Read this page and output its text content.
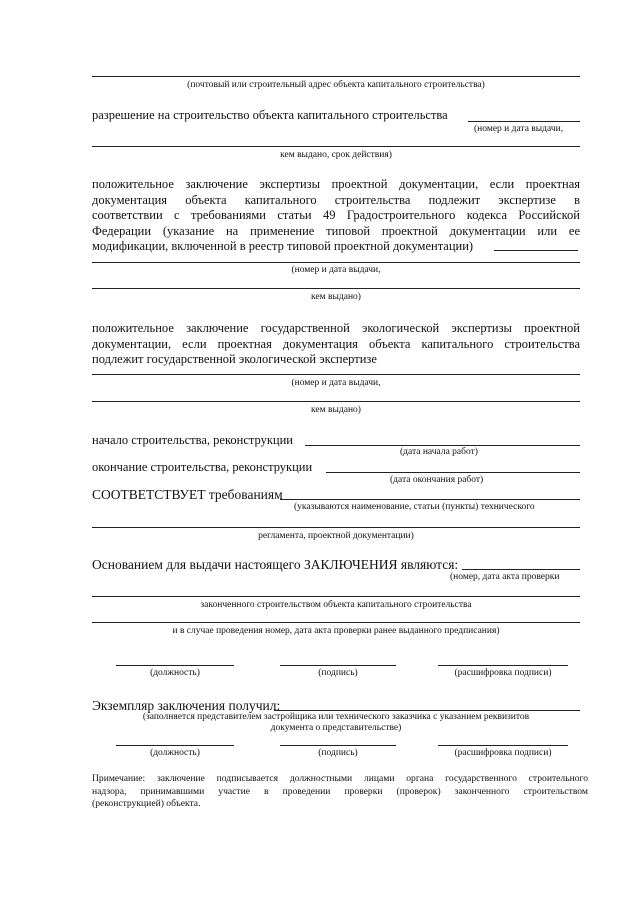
(почтовый или строительный адрес объекта капитального строительства)
разрешение на строительство объекта капитального строительства
(номер и дата выдачи,
кем выдано, срок действия)
положительное заключение экспертизы проектной документации, если проектная
документация объекта капитального строительства подлежит экспертизе в
соответствии с требованиями статьи 49 Градостроительного кодекса Российской
Федерации (указание на применение типовой проектной документации или ее
модификации, включенной в реестр типовой проектной документации)
(номер и дата выдачи,
кем выдано)
положительное заключение государственной экологической экспертизы проектной
документации, если проектная документация объекта капитального строительства
подлежит государственной экологической экспертизе
(номер и дата выдачи,
кем выдано)
начало строительства, реконструкции
(дата начала работ)
окончание строительства, реконструкции
(дата окончания работ)
СООТВЕТСТВУЕТ требованиям
(указываются наименование, статьи (пункты) технического
регламента, проектной документации)
Основанием для выдачи настоящего ЗАКЛЮЧЕНИЯ являются:
(номер, дата акта проверки
законченного строительством объекта капитального строительства
и в случае проведения номер, дата акта проверки ранее выданного предписания)
(должность)	(подпись)	(расшифровка подписи)
Экземпляр заключения получил:
(заполняется представителем застройщика или технического заказчика с указанием реквизитов
документа о представительстве)
(должность)	(подпись)	(расшифровка подписи)
Примечание: заключение подписывается должностными лицами органа государственного строительного
надзора, принимавшими участие в проведении проверки (проверок) законченного строительством
(реконструкцией) объекта.
